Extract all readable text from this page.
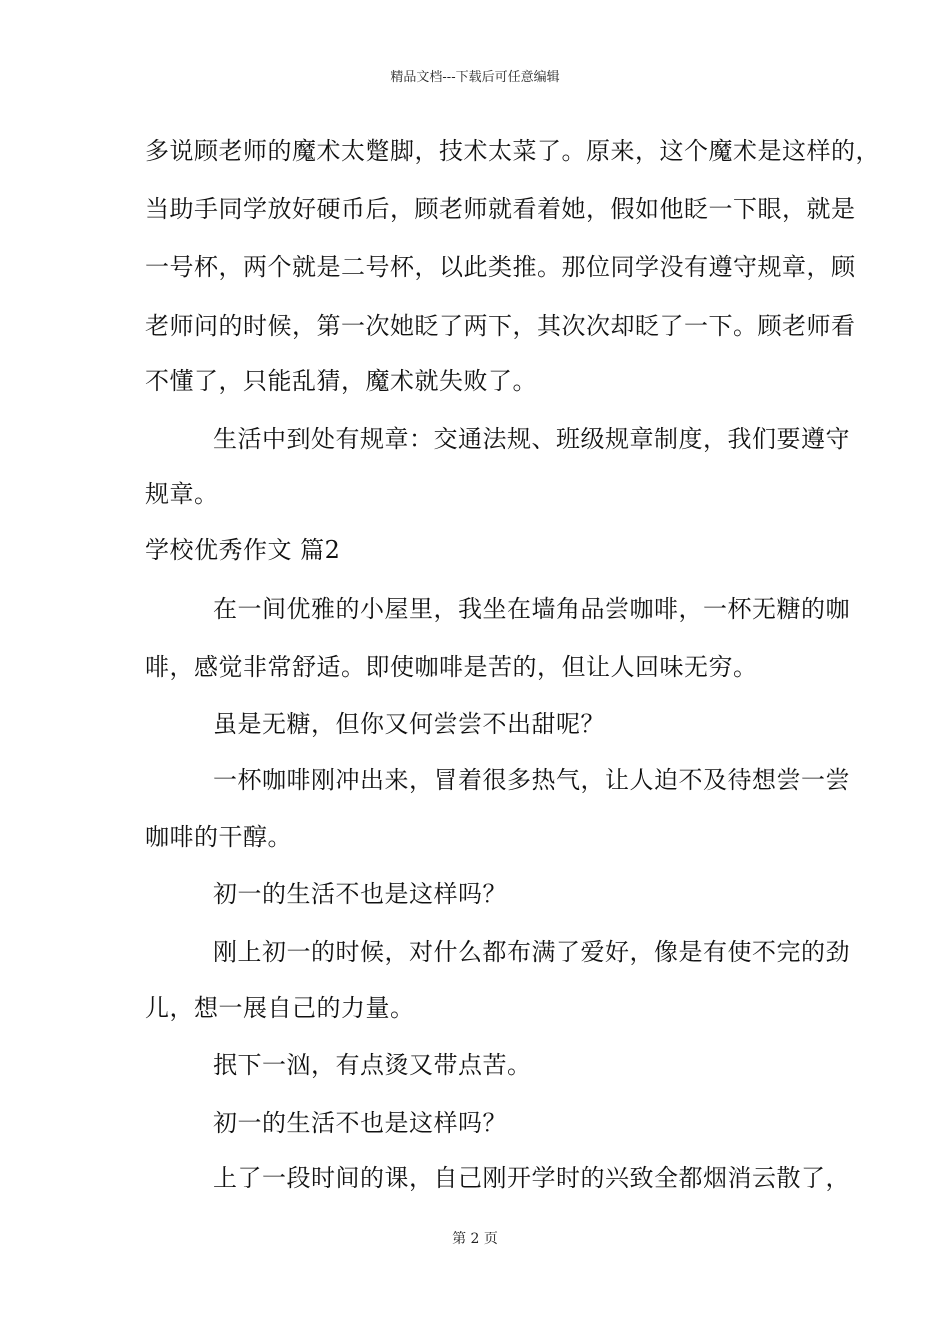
精品文档---下载后可任意编辑
多说顾老师的魔术太蹩脚，技术太菜了。原来，这个魔术是这样的，
当助手同学放好硬币后，顾老师就看着她，假如他眨一下眼，就是
一号杯，两个就是二号杯，以此类推。那位同学没有遵守规章，顾
老师问的时候，第一次她眨了两下，其次次却眨了一下。顾老师看
不懂了，只能乱猜，魔术就失败了。
生活中到处有规章：交通法规、班级规章制度，我们要遵守
规章。
学校优秀作文 篇2
在一间优雅的小屋里，我坐在墙角品尝咖啡，一杯无糖的咖
啡，感觉非常舒适。即使咖啡是苦的，但让人回味无穷。
虽是无糖，但你又何尝尝不出甜呢？
一杯咖啡刚冲出来，冒着很多热气，让人迫不及待想尝一尝
咖啡的干醇。
初一的生活不也是这样吗？
刚上初一的时候，对什么都布满了爱好，像是有使不完的劲
儿，想一展自己的力量。
抿下一汹，有点烫又带点苦。
初一的生活不也是这样吗？
上了一段时间的课，自己刚开学时的兴致全都烟消云散了，
第 2 页
